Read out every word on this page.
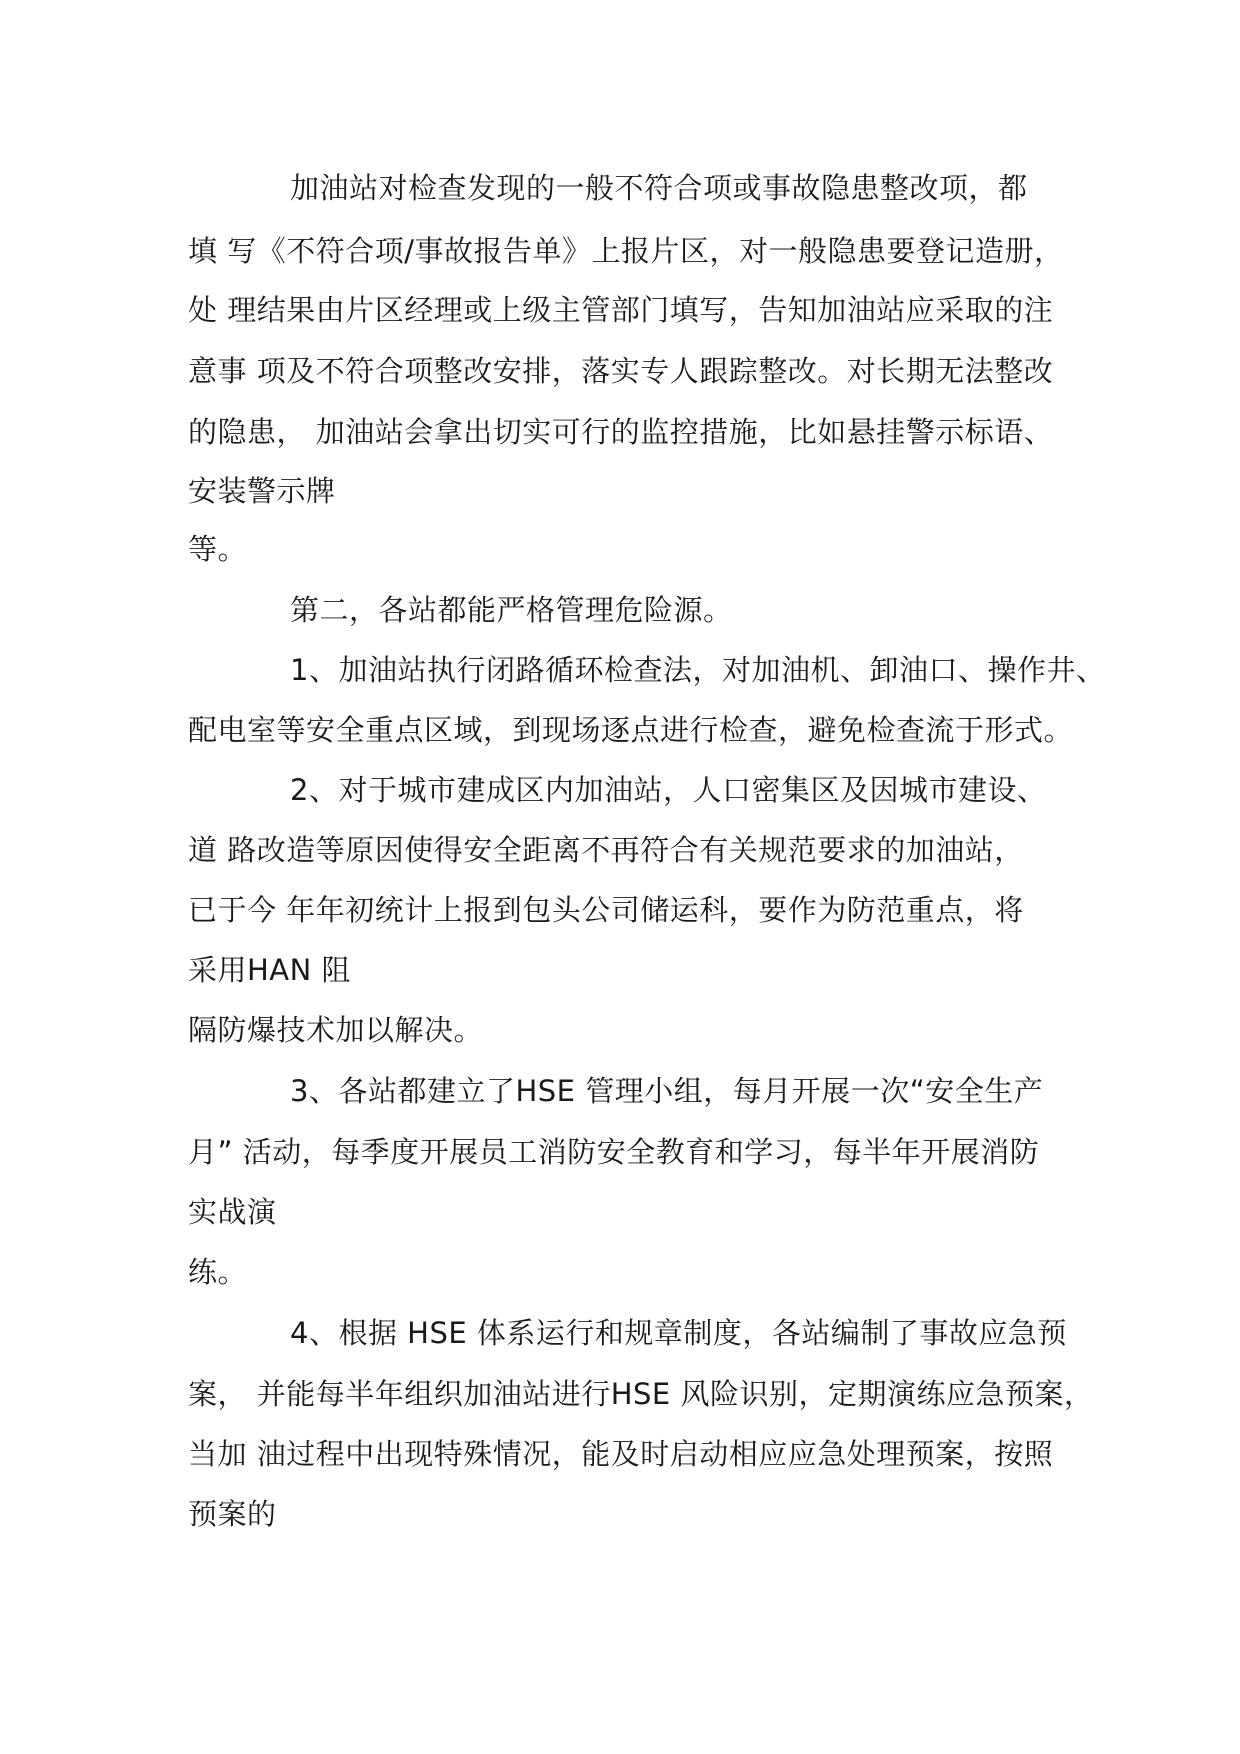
加油站对检查发现的一般不符合项或事故隐患整改项，都
填 写《不符合项/事故报告单》上报片区，对一般隐患要登记造册，
处 理结果由片区经理或上级主管部门填写，告知加油站应采取的注
意事 项及不符合项整改安排，落实专人跟踪整改。对长期无法整改
的隐患， 加油站会拿出切实可行的监控措施，比如悬挂警示标语、
安装警示牌
等。
第二，各站都能严格管理危险源。
1、加油站执行闭路循环检查法，对加油机、卸油口、操作井、
配电室等安全重点区域，到现场逐点进行检查，避免检查流于形式。
2、对于城市建成区内加油站，人口密集区及因城市建设、
道 路改造等原因使得安全距离不再符合有关规范要求的加油站，
已于今 年年初统计上报到包头公司储运科，要作为防范重点，将
采用HAN 阻
隔防爆技术加以解决。
3、各站都建立了HSE 管理小组，每月开展一次“安全生产
月” 活动，每季度开展员工消防安全教育和学习，每半年开展消防
实战演
练。
4、根据 HSE 体系运行和规章制度，各站编制了事故应急预
案， 并能每半年组织加油站进行HSE 风险识别，定期演练应急预案，
当加 油过程中出现特殊情况，能及时启动相应应急处理预案，按照
预案的
